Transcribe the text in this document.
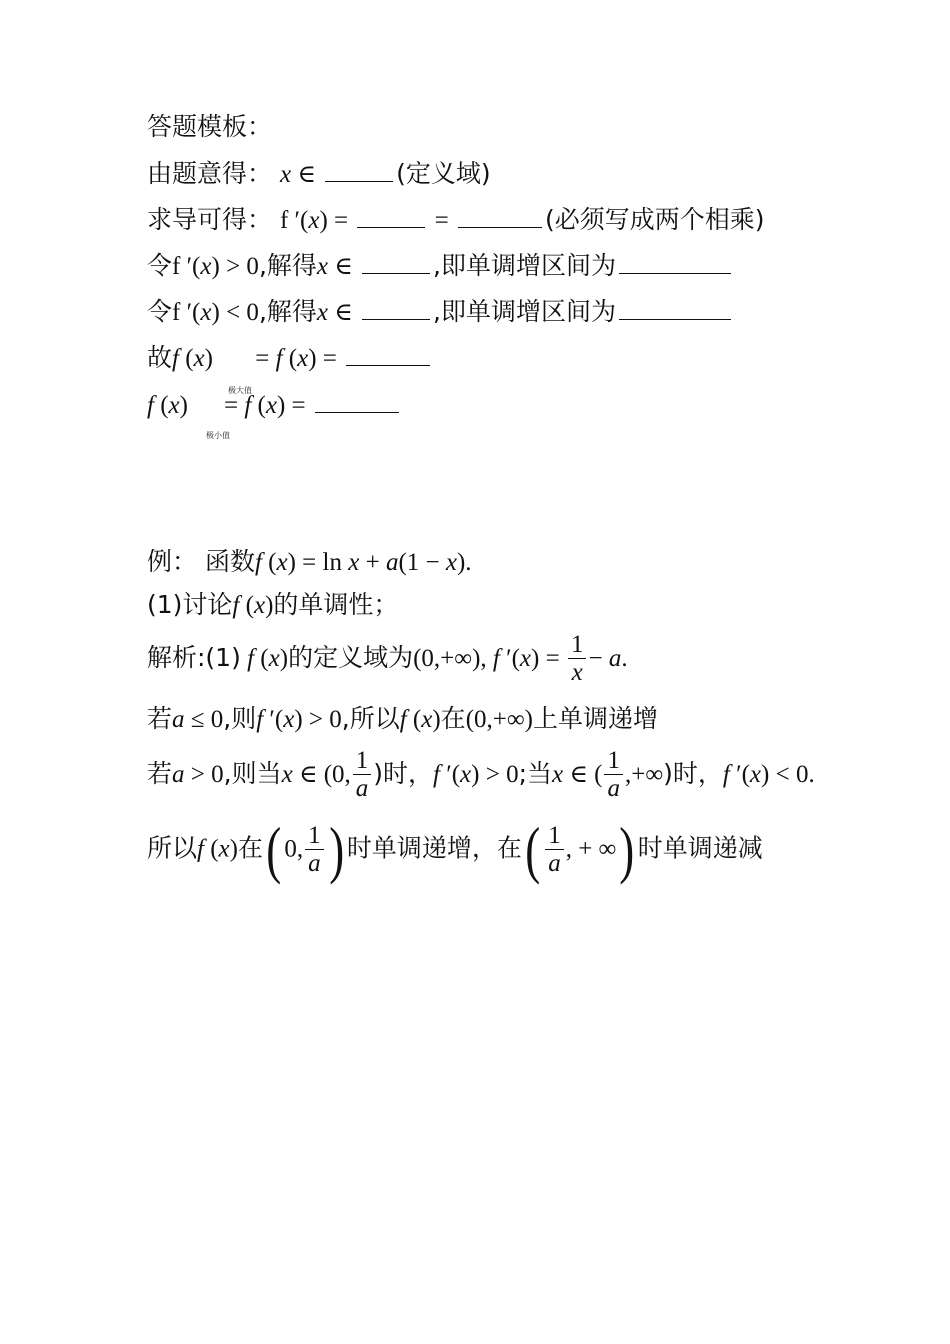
答题模板：
由题意得： x ∈	(定义域)
求导可得： f ′(x) =	=	(必须写成两个相乘)
令f ′(x) > 0,解得x ∈	,即单调增区间为
令f ′(x) < 0,解得x ∈	,即单调增区间为
故f (x) = f (x) =
f (x) = f (x) =
极大值
极小值
例： 函数f (x) = ln x + a(1 − x).
(1)讨论f (x)的单调性；
解析:(1) f (x)的定义域为(0,+∞), f $'(x) = \frac{1}{x} - a$.
若a ≤ 0,则f ′(x) > 0,所以f (x)在(0,+∞)上单调递增
若a > 0,则当x ∈ (0, $\frac{1}{a}$ )时，f ′(x) > 0;当x ∈ ( $\frac{1}{a}$ ,+∞)时，f ′(x) < 0.
所以f (x)在( 0, $\frac{1}{a}$ ) 时单调递增，在( $\frac{1}{a}$ , + ∞) 时单调递减
